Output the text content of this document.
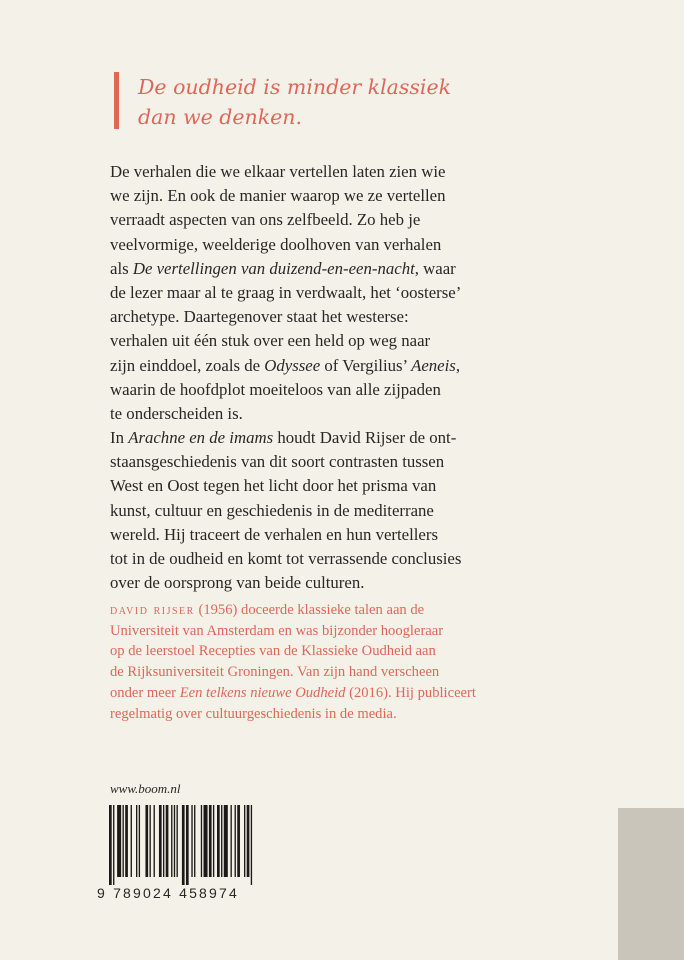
De oudheid is minder klassiek
dan we denken.
De verhalen die we elkaar vertellen laten zien wie
we zijn. En ook de manier waarop we ze vertellen
verraadt aspecten van ons zelfbeeld. Zo heb je
veelvormige, weelderige doolhoven van verhalen
als De vertellingen van duizend-en-een-nacht, waar
de lezer maar al te graag in verdwaalt, het ‘oosterse’
archetype. Daartegenover staat het westerse:
verhalen uit één stuk over een held op weg naar
zijn einddoel, zoals de Odyssee of Vergilius’ Aeneis,
waarin de hoofdplot moeiteloos van alle zijpaden
te onderscheiden is.
In Arachne en de imams houdt David Rijser de ont-
staansgeschiedenis van dit soort contrasten tussen
West en Oost tegen het licht door het prisma van
kunst, cultuur en geschiedenis in de mediterrane
wereld. Hij traceert de verhalen en hun vertellers
tot in de oudheid en komt tot verrassende conclusies
over de oorsprong van beide culturen.
david rijser (1956) doceerde klassieke talen aan de
Universiteit van Amsterdam en was bijzonder hoogleraar
op de leerstoel Recepties van de Klassieke Oudheid aan
de Rijksuniversiteit Groningen. Van zijn hand verscheen
onder meer Een telkens nieuwe Oudheid (2016). Hij publiceert
regelmatig over cultuurgeschiedenis in de media.
www.boom.nl
9 789024 458974
